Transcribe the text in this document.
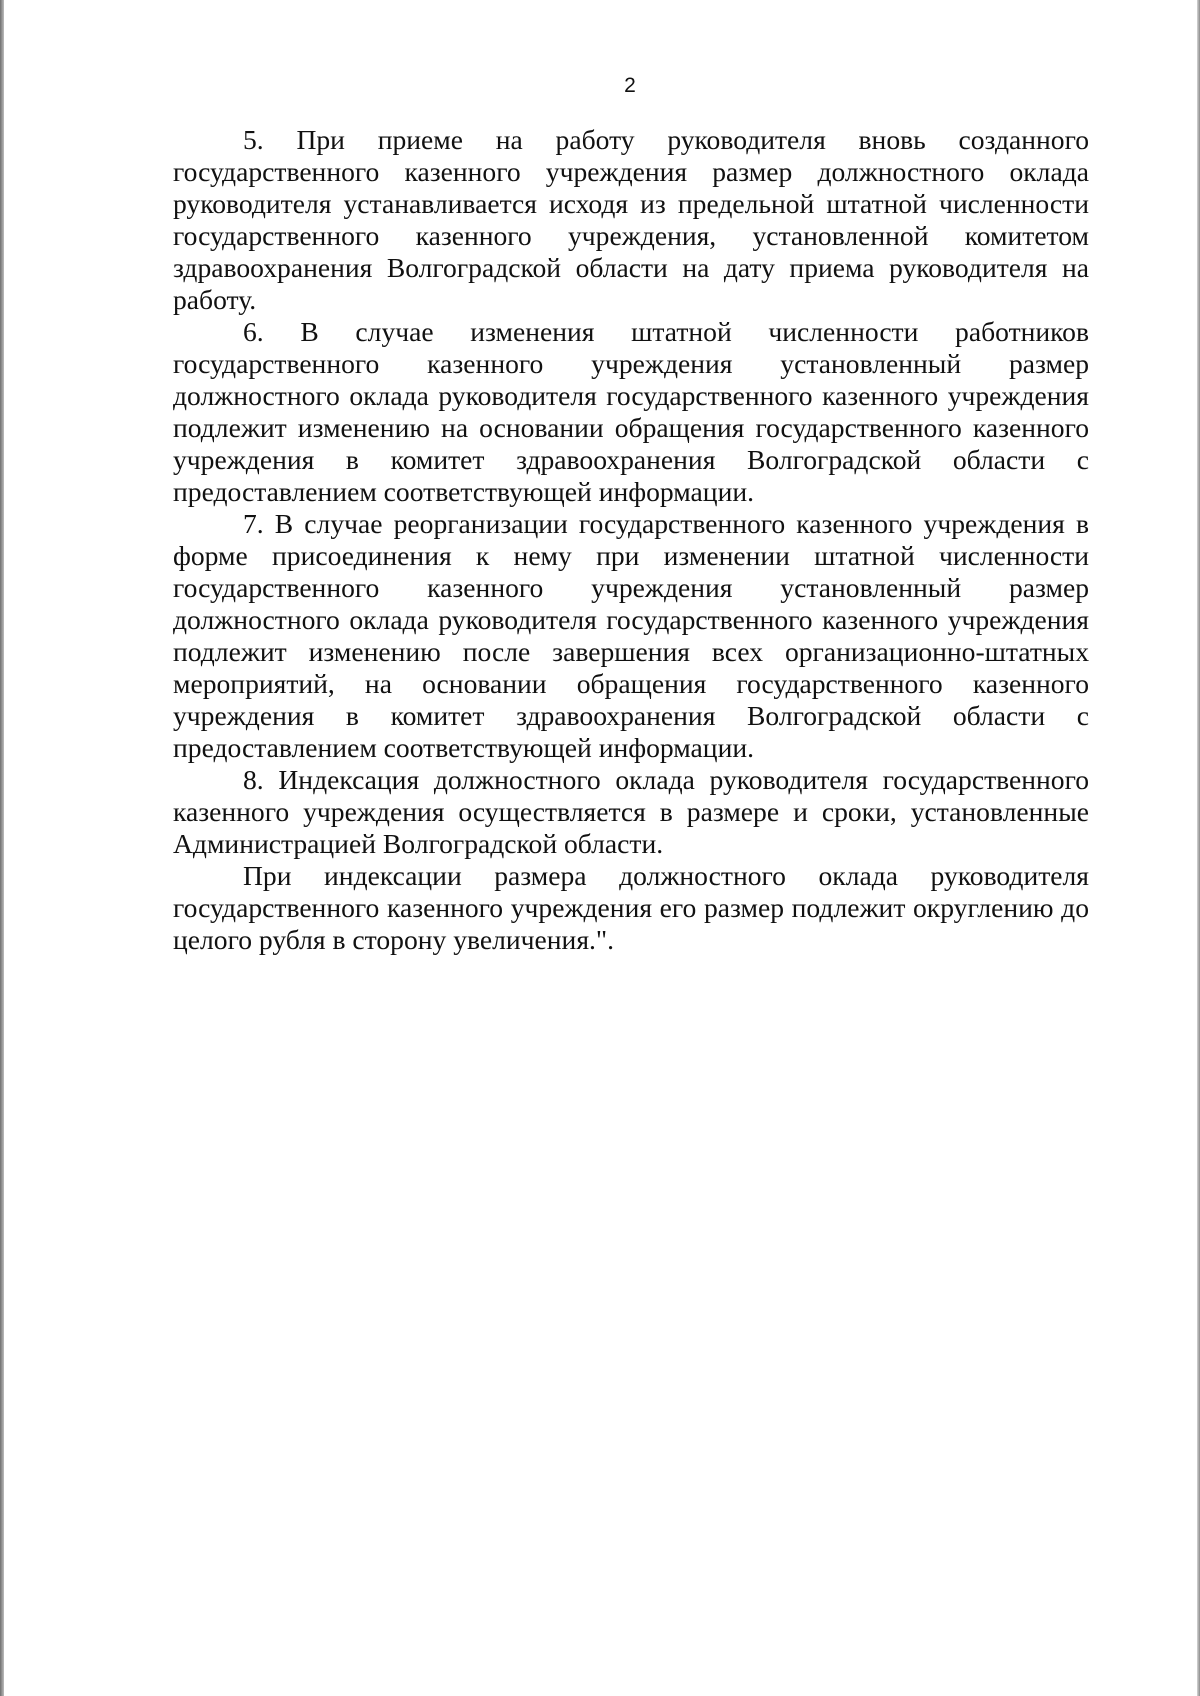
2

5. При приеме на работу руководителя вновь созданного государственного казенного учреждения размер должностного оклада руководителя устанавливается исходя из предельной штатной численности государственного казенного учреждения, установленной комитетом здравоохранения Волгоградской области на дату приема руководителя на работу.

6. В случае изменения штатной численности работников государственного казенного учреждения установленный размер должностного оклада руководителя государственного казенного учреждения подлежит изменению на основании обращения государственного казенного учреждения в комитет здравоохранения Волгоградской области с предоставлением соответствующей информации.

7. В случае реорганизации государственного казенного учреждения в форме присоединения к нему при изменении штатной численности государственного казенного учреждения установленный размер должностного оклада руководителя государственного казенного учреждения подлежит изменению после завершения всех организационно-штатных мероприятий, на основании обращения государственного казенного учреждения в комитет здравоохранения Волгоградской области с предоставлением соответствующей информации.

8. Индексация должностного оклада руководителя государственного казенного учреждения осуществляется в размере и сроки, установленные Администрацией Волгоградской области.

При индексации размера должностного оклада руководителя государственного казенного учреждения его размер подлежит округлению до целого рубля в сторону увеличения.".
